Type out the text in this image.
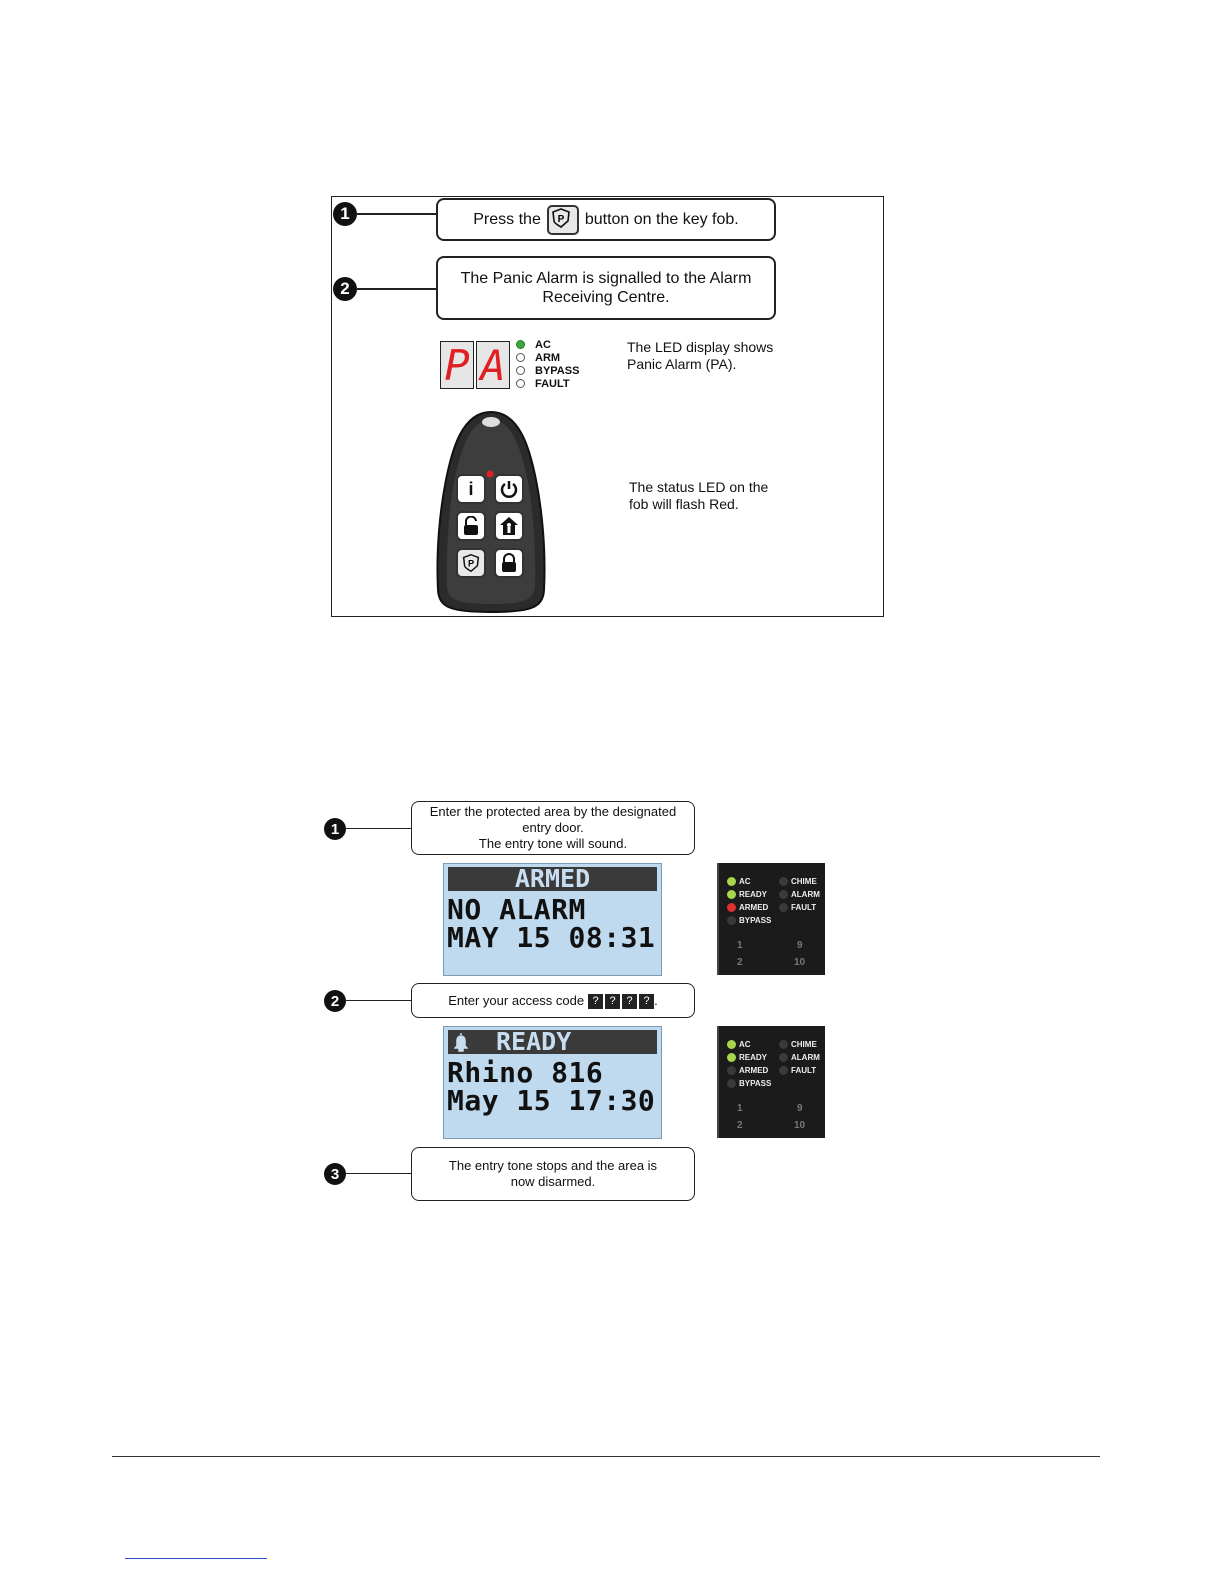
1	Press the P button on the key fob.
2
The Panic Alarm is signalled to the Alarm Receiving Centre.
P A	AC
ARM
BYPASS
FAULT
The LED display shows Panic Alarm (PA).
i
P
The status LED on the fob will flash Red.
1
Enter the protected area by the designated
entry door.
The entry tone will sound.
ARMED
NO ALARM
MAY 15 08:31
AC
READY
ARMED
BYPASS
CHIME
ALARM
FAULT
1
2
9
10
2	Enter your access code ? ? ? ? .
READY
Rhino 816
May 15 17:30
AC
READY
ARMED
BYPASS
CHIME
ALARM
FAULT
1
2
9
10
3	The entry tone stops and the area is
now disarmed.
